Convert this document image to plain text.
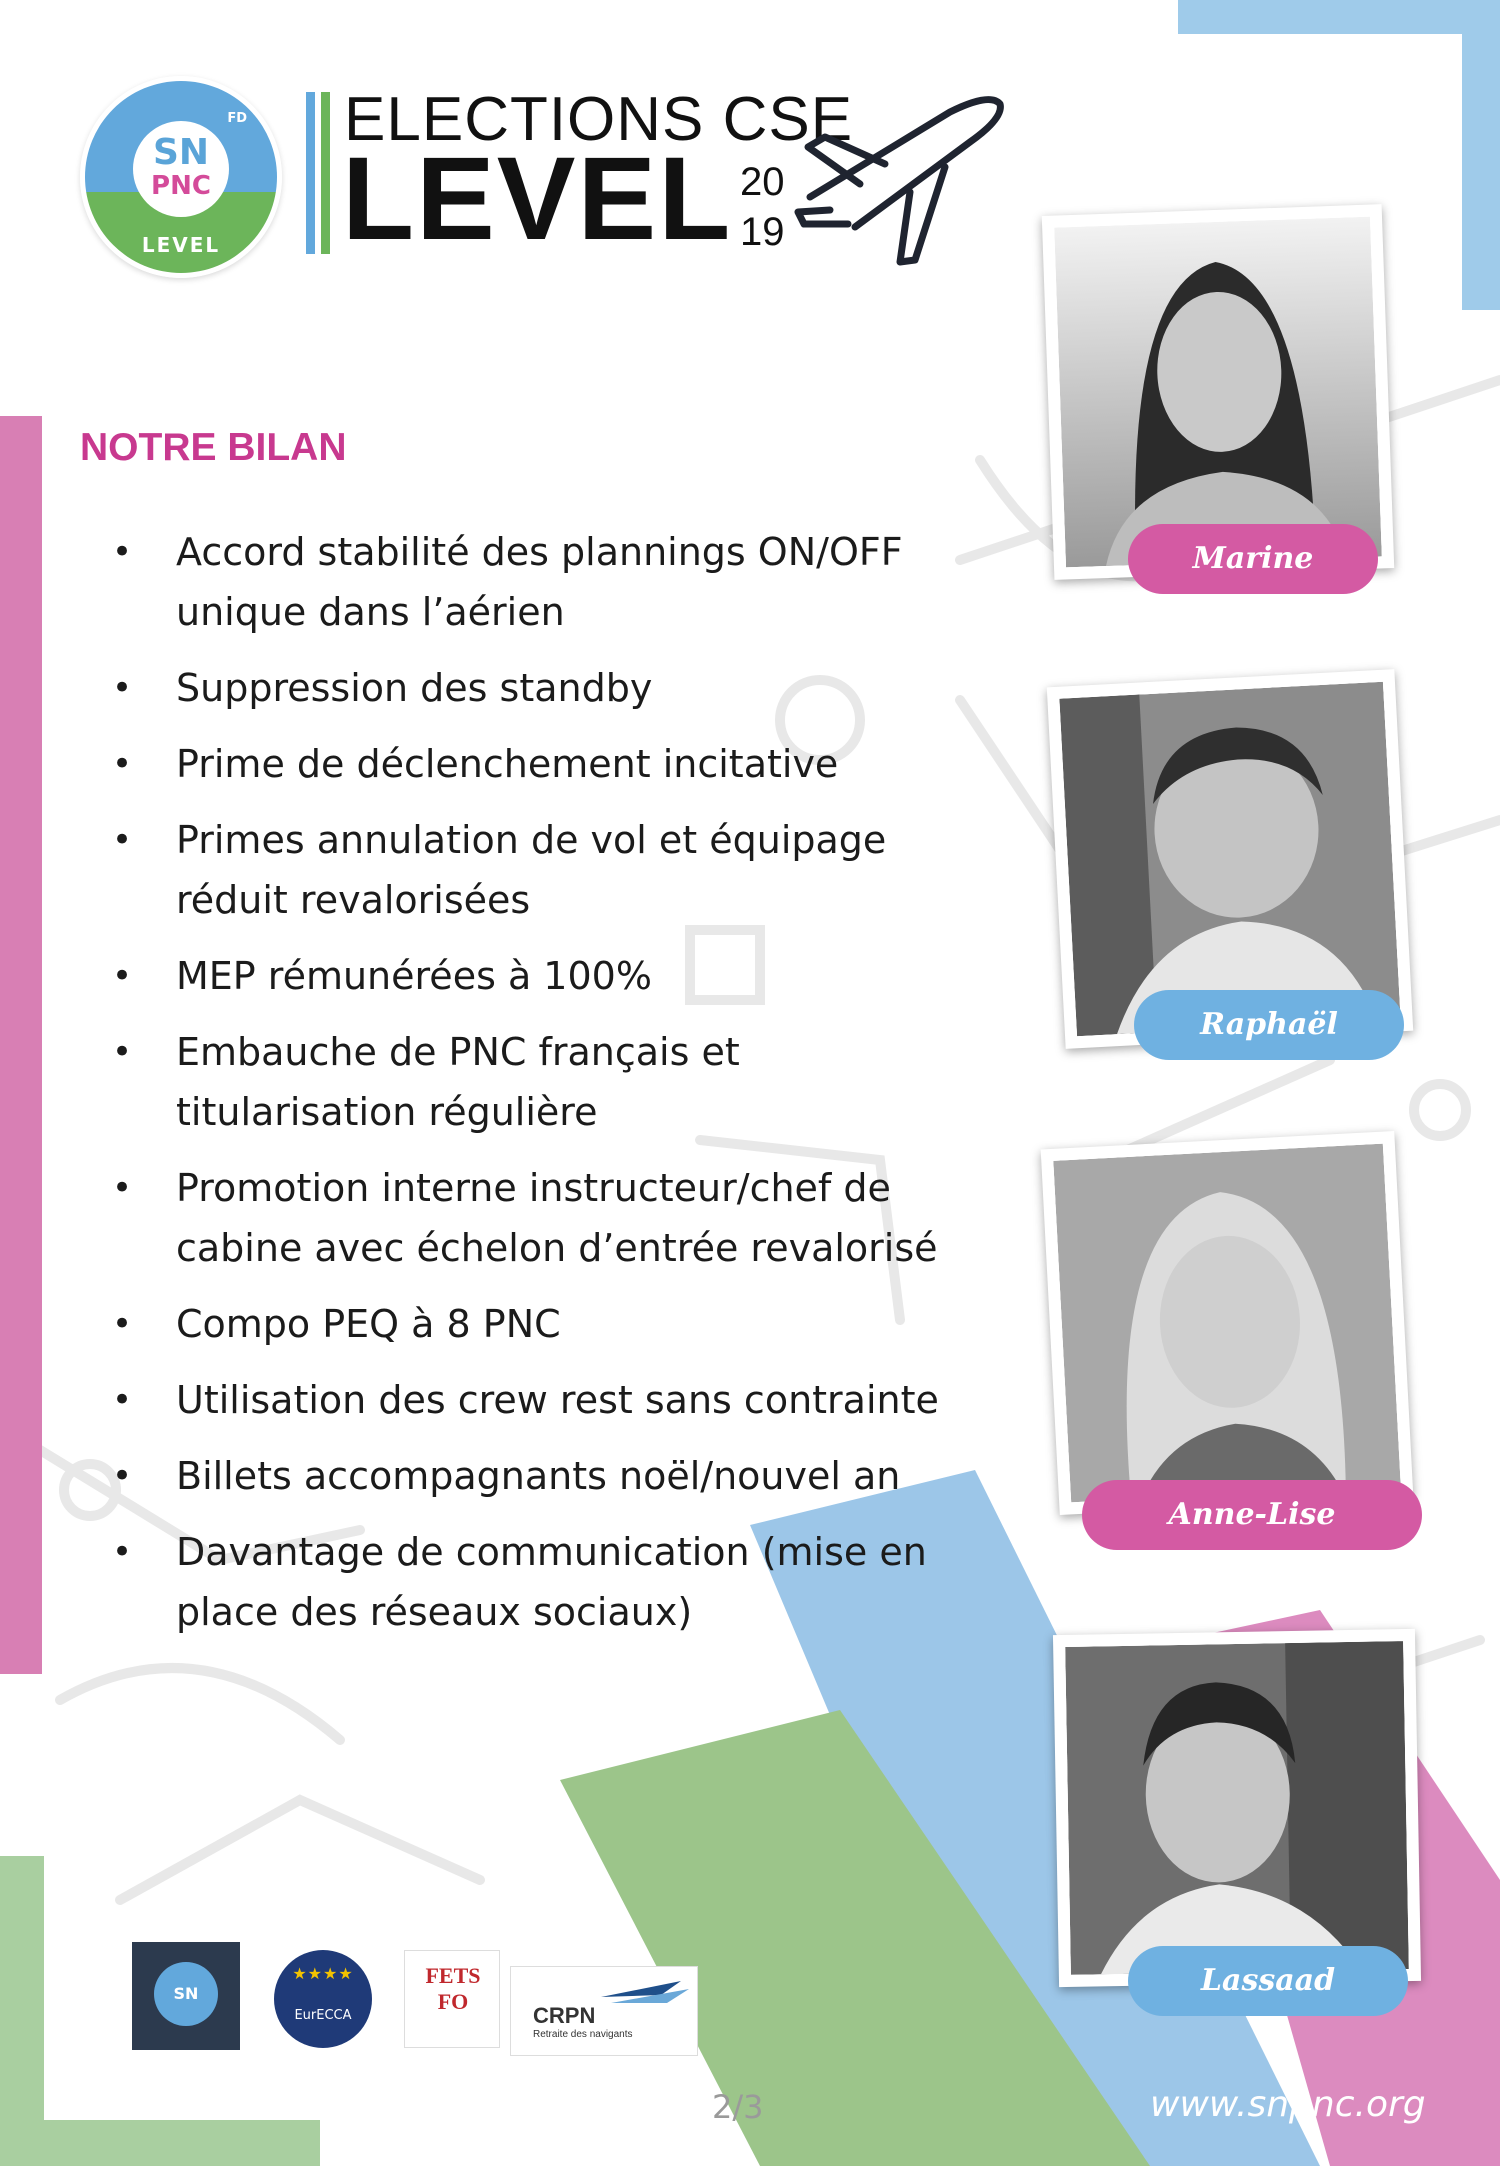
SN
PNC
FD
LEVEL
ELECTIONS CSE
LEVEL 20
19
NOTRE BILAN
• Accord stabilité des plannings ON/OFF unique dans l’aérien
• Suppression des standby
• Prime de déclenchement incitative
• Primes annulation de vol et équipage réduit revalorisées
• MEP rémunérées à 100%
• Embauche de PNC français et titularisation régulière
• Promotion interne instructeur/chef de cabine avec échelon d’entrée revalorisé
• Compo PEQ à 8 PNC
• Utilisation des crew rest sans contrainte
• Billets accompagnants noël/nouvel an
• Davantage de communication (mise en place des réseaux sociaux)
Marine
Raphaël
Anne-Lise
Lassaad
SN PNC
EurECCA
★★★★	FETS FO
CRPN
Retraite des navigants
2/3	www.snpnc.org
